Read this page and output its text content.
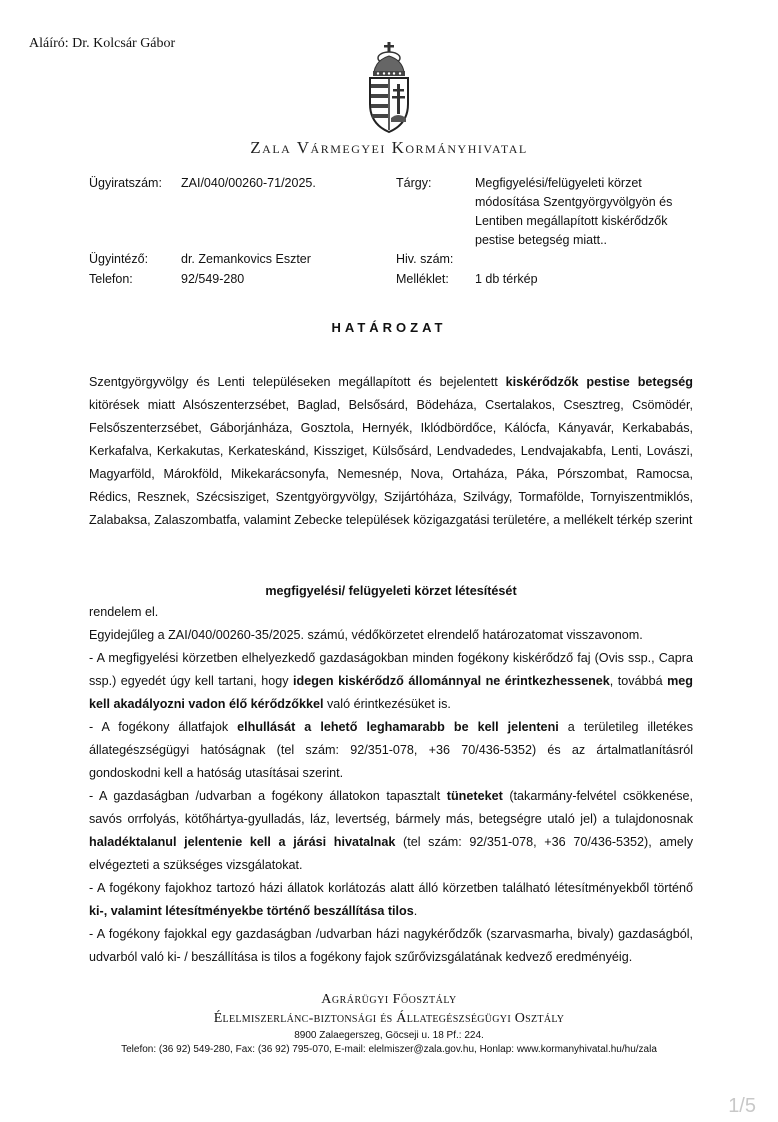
Aláíró: Dr. Kolcsár Gábor
Zala Vármegyei Kormányhivatal
Ügyiratszám: ZAI/040/00260-71/2025.	Tárgy:	Megfigyelési/felügyeleti körzet
módosítása Szentgyörgyvölgyön és
Lentiben megállapított kiskérődzők
pestise betegség miatt..
Ügyintéző:	dr. Zemankovics Eszter	Hiv. szám:
Telefon:	92/549-280	Melléklet: 1 db térkép
HATÁROZAT
Szentgyörgyvölgy és Lenti településeken megállapított és bejelentett kiskérődzők pestise betegség kitörések miatt Alsószenterzsébet, Baglad, Belsősárd, Bödeháza, Csertalakos, Csesztreg, Csömödér, Felsőszenterzsébet, Gáborjánháza, Gosztola, Hernyék, Iklódbördőce, Kálócfa, Kányavár, Kerkababás, Kerkafalva, Kerkakutas, Kerkateskánd, Kissziget, Külsősárd, Lendvadedes, Lendvajakabfa, Lenti, Lovászi, Magyarföld, Márokföld, Mikekarácsonyfa, Nemesnép, Nova, Ortaháza, Páka, Pórszombat, Ramocsa, Rédics, Resznek, Szécsisziget, Szentgyörgyvölgy, Szijártóháza, Szilvágy, Tormafölde, Tornyiszentmiklós, Zalabaksa, Zalaszombatfa, valamint Zebecke települések közigazgatási területére, a mellékelt térkép szerint
megfigyelési/ felügyeleti körzet létesítését
rendelem el.
Egyidejűleg a ZAI/040/00260-35/2025. számú, védőkörzetet elrendelő határozatomat visszavonom.
- A megfigyelési körzetben elhelyezkedő gazdaságokban minden fogékony kiskérődző faj (Ovis ssp., Capra ssp.) egyedét úgy kell tartani, hogy idegen kiskérődző állománnyal ne érintkezhessenek, továbbá meg kell akadályozni vadon élő kérődzőkkel való érintkezésüket is.
- A fogékony állatfajok elhullását a lehető leghamarabb be kell jelenteni a területileg illetékes állategészségügyi hatóságnak (tel szám: 92/351-078, +36 70/436-5352) és az ártalmatlanításról gondoskodni kell a hatóság utasításai szerint.
- A gazdaságban /udvarban a fogékony állatokon tapasztalt tüneteket (takarmány-felvétel csökkenése, savós orrfolyás, kötőhártya-gyulladás, láz, levertség, bármely más, betegségre utaló jel) a tulajdonosnak haladéktalanul jelentenie kell a járási hivatalnak (tel szám: 92/351-078, +36 70/436-5352), amely elvégezteti a szükséges vizsgálatokat.
- A fogékony fajokhoz tartozó házi állatok korlátozás alatt álló körzetben található létesítményekből történő ki-, valamint létesítményekbe történő beszállítása tilos.
- A fogékony fajokkal egy gazdaságban /udvarban házi nagykérődzők (szarvasmarha, bivaly) gazdaságból, udvarból való ki- / beszállítása is tilos a fogékony fajok szűrővizsgálatának kedvező eredményéig.
Agrárügyi Főosztály
Élelmiszerlánc-biztonsági és Állategészségügyi Osztály
8900 Zalaegerszeg, Göcseji u. 18 Pf.: 224.
Telefon: (36 92) 549-280, Fax: (36 92) 795-070, E-mail: elelmiszer@zala.gov.hu, Honlap: www.kormanyhivatal.hu/hu/zala
1/5
